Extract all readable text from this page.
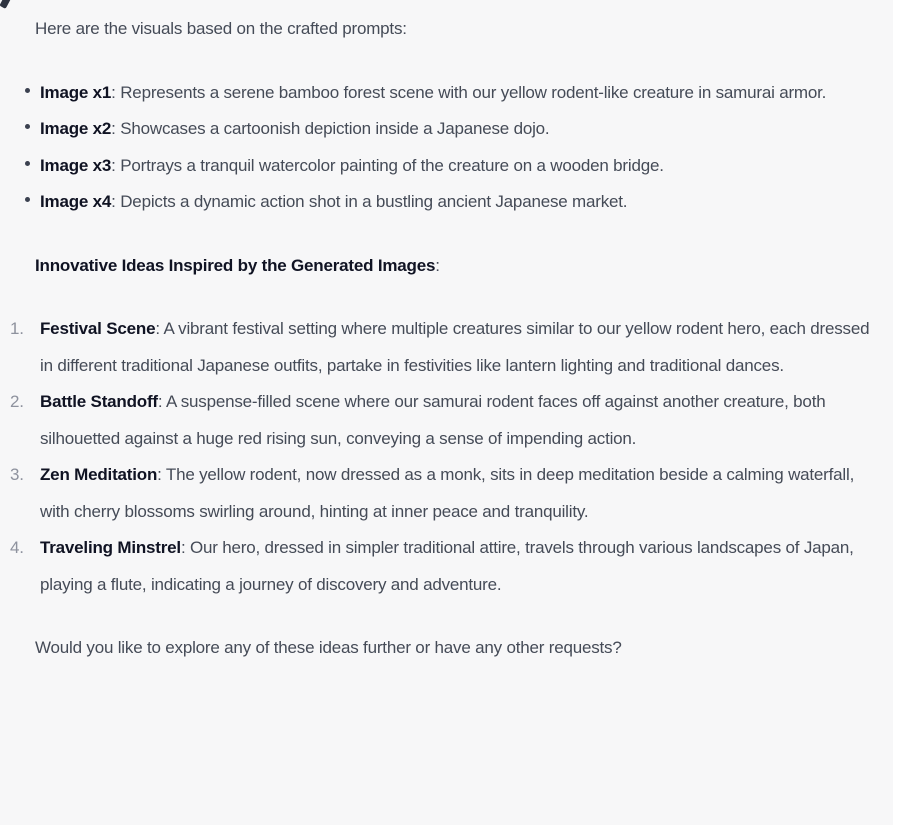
Here are the visuals based on the crafted prompts:

Image x1: Represents a serene bamboo forest scene with our yellow rodent-like creature in samurai armor.
Image x2: Showcases a cartoonish depiction inside a Japanese dojo.
Image x3: Portrays a tranquil watercolor painting of the creature on a wooden bridge.
Image x4: Depicts a dynamic action shot in a bustling ancient Japanese market.

Innovative Ideas Inspired by the Generated Images:

1. Festival Scene: A vibrant festival setting where multiple creatures similar to our yellow rodent hero, each dressed in different traditional Japanese outfits, partake in festivities like lantern lighting and traditional dances.
2. Battle Standoff: A suspense-filled scene where our samurai rodent faces off against another creature, both silhouetted against a huge red rising sun, conveying a sense of impending action.
3. Zen Meditation: The yellow rodent, now dressed as a monk, sits in deep meditation beside a calming waterfall, with cherry blossoms swirling around, hinting at inner peace and tranquility.
4. Traveling Minstrel: Our hero, dressed in simpler traditional attire, travels through various landscapes of Japan, playing a flute, indicating a journey of discovery and adventure.

Would you like to explore any of these ideas further or have any other requests?
